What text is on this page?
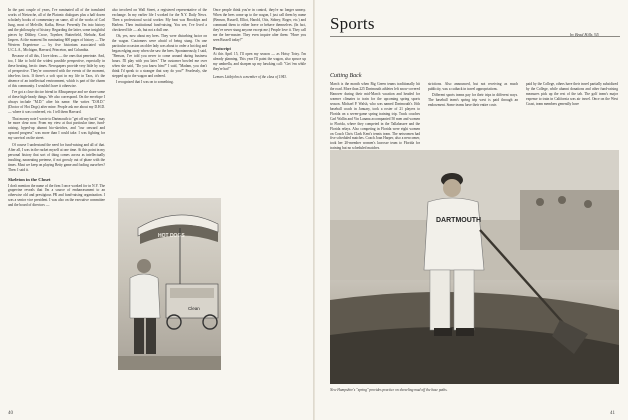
In the past couple of years, I've ruminated all of the translated works of Nietzsche, all of the Platonic dialogues plus a half dozen scholarly books of commentary on same, all of the works of Carl Jung, most of Melville, Kafka, Hesse. Presently I'm into history and the philosophy of history. Regarding the latter, some insightful pieces by Dilthey, Croce, Toynbee, Butterfield, Niebuhr, Karl Jaspers. At the moment I'm ruminating 600 pages of history — The Western Experience — by five historians associated with U.C.L.A., Michigan, Harvard, Princeton, and Columbia.

Because of all this, I love ideas — the ones that penetrate. And, too, I like to hold the widest possible perspective, especially in these heating, hectic times. Newspapers provide very little by way of perspective. They're concerned with the events of the moment, idea-less facts. If there's a soft spot in my life in Taos, it's the absence of an intellectual environment, which is part of the charm of this community. I wouldn't have it otherwise.

I've got a close doctor friend in Albuquerque and we share some of these high-heady things. We also correspond. On the envelope I always include "M.D." after his name. She writes "D.H.D." (Doctor of Hot Dogs) after mine. People ask me about my D.H.D. — where it was conferred, etc. I tell them Harvard.

That money note I wrote to Dartmouth to "get off my back" may be more clear now. From my view at that particular time, fund-raising, hyped-up alumni bio-sketches, and "our onward and upward progress" was more than I could take. I was fighting for my survival on the street.

Of course I understand the need for fund-raising and all of that. After all, I was in the racket myself at one time. At this point in my personal history that sort of thing comes across as intellectually insulting, nauseating pretense, if not grossly out of phase with the times. Must we keep on playing Betty game and fooling ourselves? Then: I said it.

Skeleton in the Closet

I don't mention the name of the firm I once worked for in N.Y. The grapevine reveals that I'm a source of embarrassment to an otherwise old and prestigious PR and fund-raising organization. I was a senior vice president. I was also on the executive committee and the board of directors —

also involved on Wall Street, a registered representative of the exchange. In my earlier life I worked for the N.Y. Daily News. Then a professional social worker. My beat was Brooklyn and Harlem. Then institutional fund-raising. You see, I've lived a checkered life — ah, but not a dull one.

Oh, yes, now about my bees. They were disturbing factor on the wagon. Customers were afraid of being stung. On one particular occasion an older lady was about to order a hot dog and began edging away when she saw the bees. Spontaneously, I said, "Benson, I've told you never to come around during business hours. I'll play with you later." The customer bowled me over when she said, "Do you know him?" I said, "Madam, you don't think I'd speak to a stranger that way do you?" Fearlessly, she stepped up to the wagon and ordered.

I recognized that I was on to something.

Once people think you're in control, they're no longer uneasy. When the bees come up to the wagon, I just call them by name (Benson, Russell, Elliot, Harold, Otis, Sidney, Roger, etc.) and command them to either leave or behave themselves. (In fact, they've never stung anyone except me.) People love it. They call me the bee-master. They even inquire after them: "Have you seen Russell today?"

Postscript

At this April 15, I'll open my season — as Hotsy Totsy. I'm already planning. This year I'll paint the wagon, also spruce up my umbrella, and sharpen up my hawking call: "Get 'em while they're hot!"

Lemars Littlejohn is a member of the class of 1943.

HOT DOGS
Clean
40
Sports
by Brad Hills '65
Cutting Back

March is the month when Big Green teams traditionally hit the road. More than 225 Dartmouth athletes left snow-covered Hanover during their mid-March vacation and headed for warmer climates to train for the upcoming spring sports season. Michael P. Walsh, who was named Dartmouth's 16th baseball coach in January, took a roster of 21 players to Florida on a seven-game spring training trip. Track coaches Carl Wallin and Vin Lanana accompanied 50 men and women to Florida, where they competed in the Tallahassee and the Florida relays. Also competing in Florida were eight women on Coach Chris Clark Kent's tennis team. The netwomen had five scheduled matches. Coach Joan Harper, also a newcomer, took her 20-member women's lacrosse team to Florida for training but no scheduled matches.

strictions. Also announced, but not receiving as much publicity, was a cutback in travel appropriations.

Different sports teams pay for their trips in different ways. The baseball team's spring trip west is paid through an endowment. Some teams have their entire costs

paid by the College, others have their travel partially subsidized by the College, while alumni donations and other fund-raising measures pick up the rest of the tab. The golf team's major expense to train in California was air travel. Once on the West Coast, team members generally have

DARTMOUTH
New Hampshire's "spring" provides practice on shoveling mud off the base paths.
41
